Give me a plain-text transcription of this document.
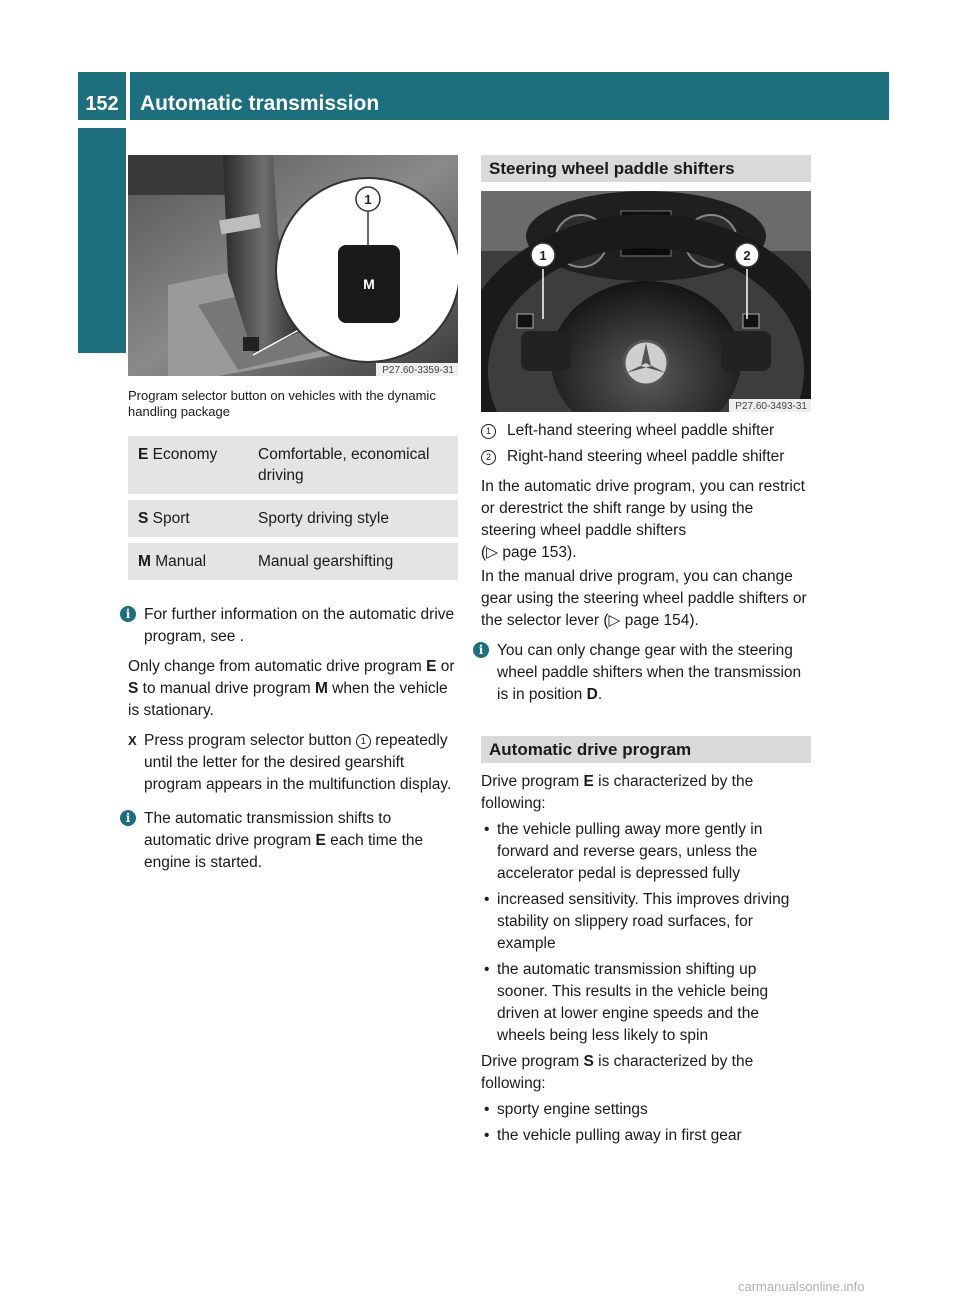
152	Automatic transmission
Driving and parking	M
1
P27.60-3359-31
Program selector button on vehicles with the dynamic handling package
E Economy	Comfortable, economical driving
S Sport	Sporty driving style
M Manual	Manual gearshifting
i For further information on the automatic drive program, see .

Only change from automatic drive program E or S to manual drive program M when the vehicle is stationary.

X Press program selector button 1 repeatedly until the letter for the desired gearshift program appears in the multifunction display.
i The automatic transmission shifts to automatic drive program E each time the engine is started.
Steering wheel paddle shifters
1	2
P27.60-3493-31
1	Left-hand steering wheel paddle shifter
2	Right-hand steering wheel paddle shifter

In the automatic drive program, you can restrict or derestrict the shift range by using the steering wheel paddle shifters
(▷ page 153).

In the manual drive program, you can change gear using the steering wheel paddle shifters or the selector lever (▷ page 154).

i You can only change gear with the steering wheel paddle shifters when the transmission is in position D.
Automatic drive program

Drive program E is characterized by the following:

• the vehicle pulling away more gently in forward and reverse gears, unless the accelerator pedal is depressed fully
• increased sensitivity. This improves driving stability on slippery road surfaces, for example
• the automatic transmission shifting up sooner. This results in the vehicle being driven at lower engine speeds and the wheels being less likely to spin

Drive program S is characterized by the following:

• sporty engine settings
• the vehicle pulling away in first gear
carmanualsonline.info
